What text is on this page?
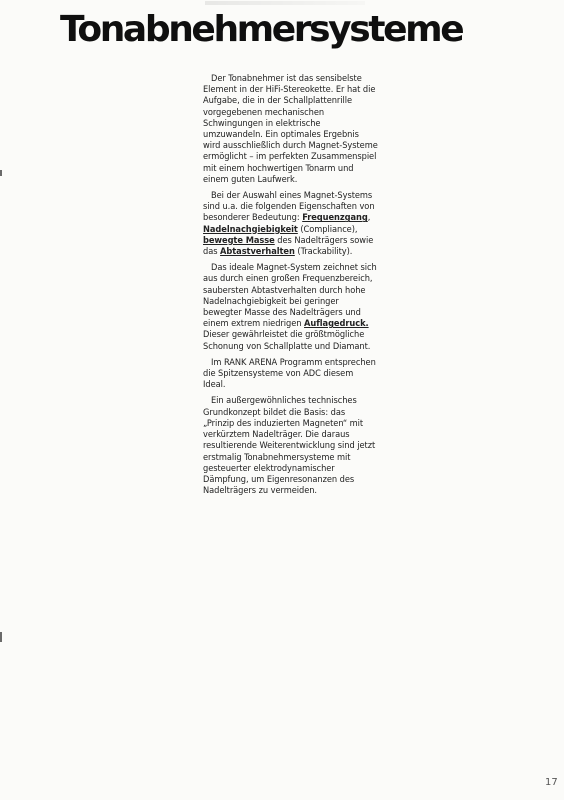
Tonabnehmersysteme

Der Tonabnehmer ist das sensibelste Element in der HiFi-Stereokette. Er hat die Aufgabe, die in der Schallplattenrille vorgegebenen mechanischen Schwingungen in elektrische umzuwandeln. Ein optimales Ergebnis wird ausschließlich durch Magnet-Systeme ermöglicht – im perfekten Zusammenspiel mit einem hochwertigen Tonarm und einem guten Laufwerk.

Bei der Auswahl eines Magnet-Systems sind u.a. die folgenden Eigenschaften von besonderer Bedeutung: Frequenzgang, Nadelnachgiebigkeit (Compliance), bewegte Masse des Nadelträgers sowie das Abtastverhalten (Trackability).

Das ideale Magnet-System zeichnet sich aus durch einen großen Frequenzbereich, saubersten Abtastverhalten durch hohe Nadelnachgiebigkeit bei geringer bewegter Masse des Nadelträgers und einem extrem niedrigen Auflagedruck. Dieser gewährleistet die größtmögliche Schonung von Schallplatte und Diamant.

Im RANK ARENA Programm entsprechen die Spitzensysteme von ADC diesem Ideal.

Ein außergewöhnliches technisches Grundkonzept bildet die Basis: das „Prinzip des induzierten Magneten“ mit verkürztem Nadelträger. Die daraus resultierende Weiterentwicklung sind jetzt erstmalig Tonabnehmersysteme mit gesteuerter elektrodynamischer Dämpfung, um Eigenresonanzen des Nadelträgers zu vermeiden.

17
